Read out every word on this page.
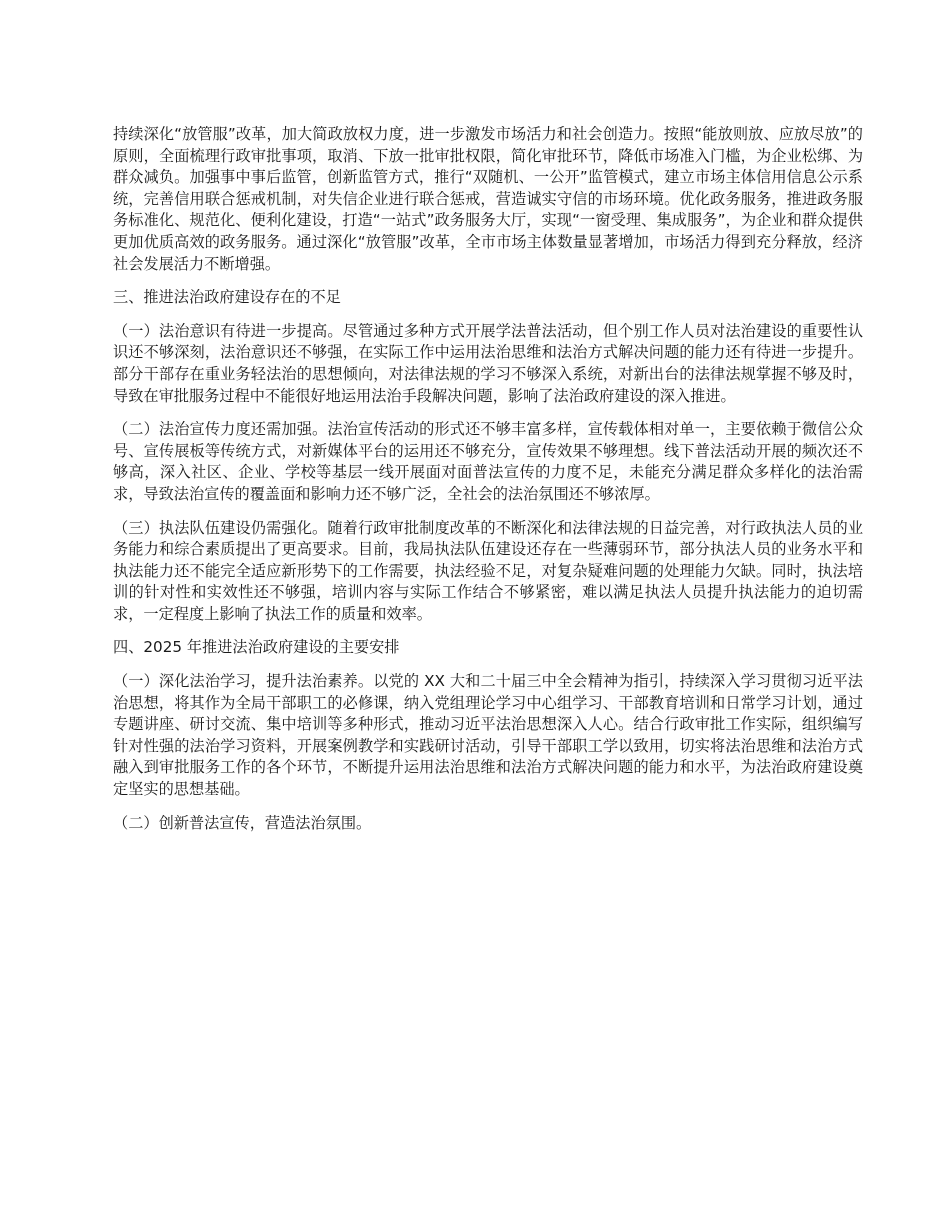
持续深化“放管服”改革，加大简政放权力度，进一步激发市场活力和社会创造力。按照“能放则放、应放尽放”的原则，全面梳理行政审批事项，取消、下放一批审批权限，简化审批环节，降低市场准入门槛，为企业松绑、为群众减负。加强事中事后监管，创新监管方式，推行“双随机、一公开”监管模式，建立市场主体信用信息公示系统，完善信用联合惩戒机制，对失信企业进行联合惩戒，营造诚实守信的市场环境。优化政务服务，推进政务服务标准化、规范化、便利化建设，打造“一站式”政务服务大厅，实现“一窗受理、集成服务”，为企业和群众提供更加优质高效的政务服务。通过深化“放管服”改革，全市市场主体数量显著增加，市场活力得到充分释放，经济社会发展活力不断增强。

三、推进法治政府建设存在的不足

（一）法治意识有待进一步提高。尽管通过多种方式开展学法普法活动，但个别工作人员对法治建设的重要性认识还不够深刻，法治意识还不够强，在实际工作中运用法治思维和法治方式解决问题的能力还有待进一步提升。部分干部存在重业务轻法治的思想倾向，对法律法规的学习不够深入系统，对新出台的法律法规掌握不够及时，导致在审批服务过程中不能很好地运用法治手段解决问题，影响了法治政府建设的深入推进。

（二）法治宣传力度还需加强。法治宣传活动的形式还不够丰富多样，宣传载体相对单一，主要依赖于微信公众号、宣传展板等传统方式，对新媒体平台的运用还不够充分，宣传效果不够理想。线下普法活动开展的频次还不够高，深入社区、企业、学校等基层一线开展面对面普法宣传的力度不足，未能充分满足群众多样化的法治需求，导致法治宣传的覆盖面和影响力还不够广泛，全社会的法治氛围还不够浓厚。

（三）执法队伍建设仍需强化。随着行政审批制度改革的不断深化和法律法规的日益完善，对行政执法人员的业务能力和综合素质提出了更高要求。目前，我局执法队伍建设还存在一些薄弱环节，部分执法人员的业务水平和执法能力还不能完全适应新形势下的工作需要，执法经验不足，对复杂疑难问题的处理能力欠缺。同时，执法培训的针对性和实效性还不够强，培训内容与实际工作结合不够紧密，难以满足执法人员提升执法能力的迫切需求，一定程度上影响了执法工作的质量和效率。

四、2025 年推进法治政府建设的主要安排

（一）深化法治学习，提升法治素养。以党的 XX 大和二十届三中全会精神为指引，持续深入学习贯彻习近平法治思想，将其作为全局干部职工的必修课，纳入党组理论学习中心组学习、干部教育培训和日常学习计划，通过专题讲座、研讨交流、集中培训等多种形式，推动习近平法治思想深入人心。结合行政审批工作实际，组织编写针对性强的法治学习资料，开展案例教学和实践研讨活动，引导干部职工学以致用，切实将法治思维和法治方式融入到审批服务工作的各个环节，不断提升运用法治思维和法治方式解决问题的能力和水平，为法治政府建设奠定坚实的思想基础。

（二）创新普法宣传，营造法治氛围。
